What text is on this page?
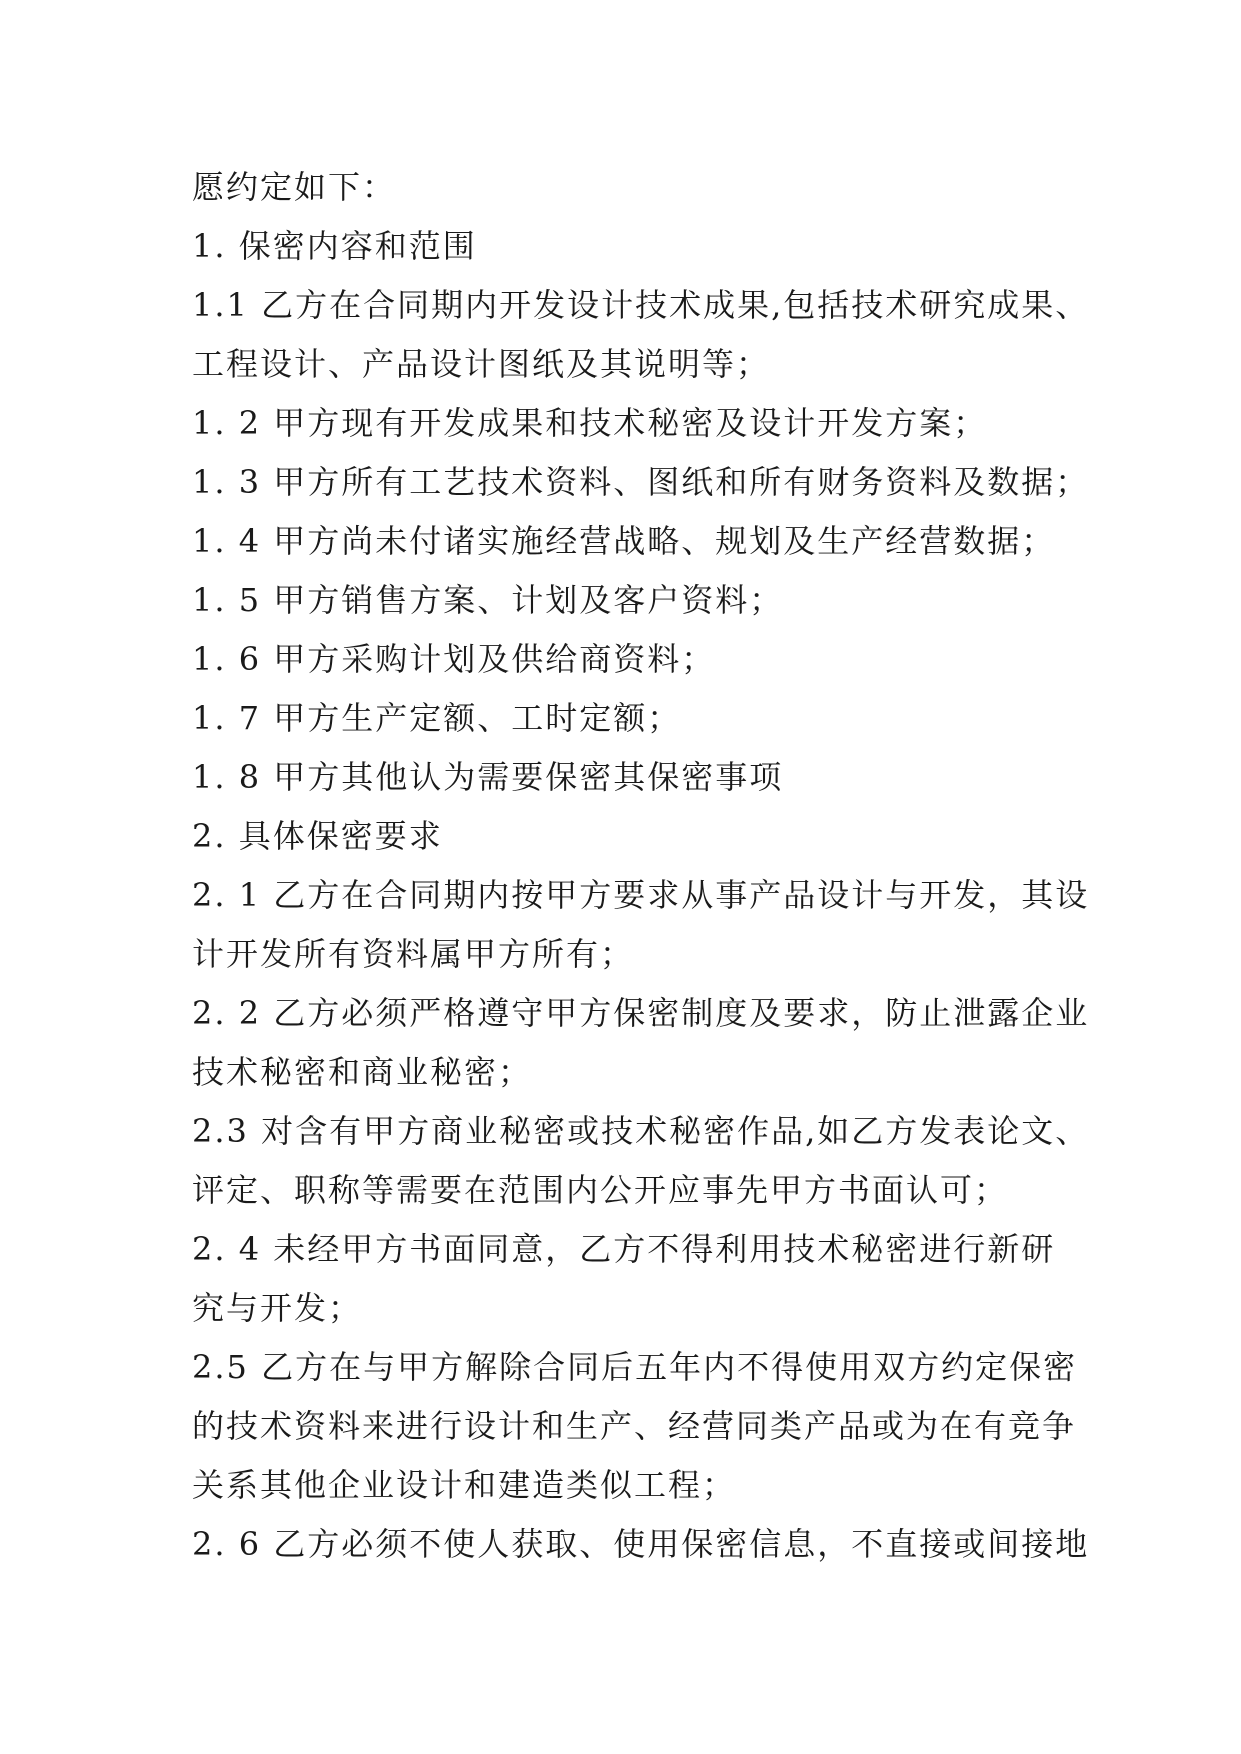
愿约定如下：
1. 保密内容和范围
1.1 乙方在合同期内开发设计技术成果,包括技术研究成果、
工程设计、产品设计图纸及其说明等；
1. 2 甲方现有开发成果和技术秘密及设计开发方案；
1. 3 甲方所有工艺技术资料、图纸和所有财务资料及数据；
1. 4 甲方尚未付诸实施经营战略、规划及生产经营数据；
1. 5 甲方销售方案、计划及客户资料；
1. 6 甲方采购计划及供给商资料；
1. 7 甲方生产定额、工时定额；
1. 8 甲方其他认为需要保密其保密事项
2. 具体保密要求
2. 1 乙方在合同期内按甲方要求从事产品设计与开发，其设
计开发所有资料属甲方所有；
2. 2 乙方必须严格遵守甲方保密制度及要求，防止泄露企业
技术秘密和商业秘密；
2.3 对含有甲方商业秘密或技术秘密作品,如乙方发表论文、
评定、职称等需要在范围内公开应事先甲方书面认可；
2. 4 未经甲方书面同意，乙方不得利用技术秘密进行新研
究与开发；
2.5 乙方在与甲方解除合同后五年内不得使用双方约定保密
的技术资料来进行设计和生产、经营同类产品或为在有竞争
关系其他企业设计和建造类似工程；
2. 6 乙方必须不使人获取、使用保密信息，不直接或间接地
